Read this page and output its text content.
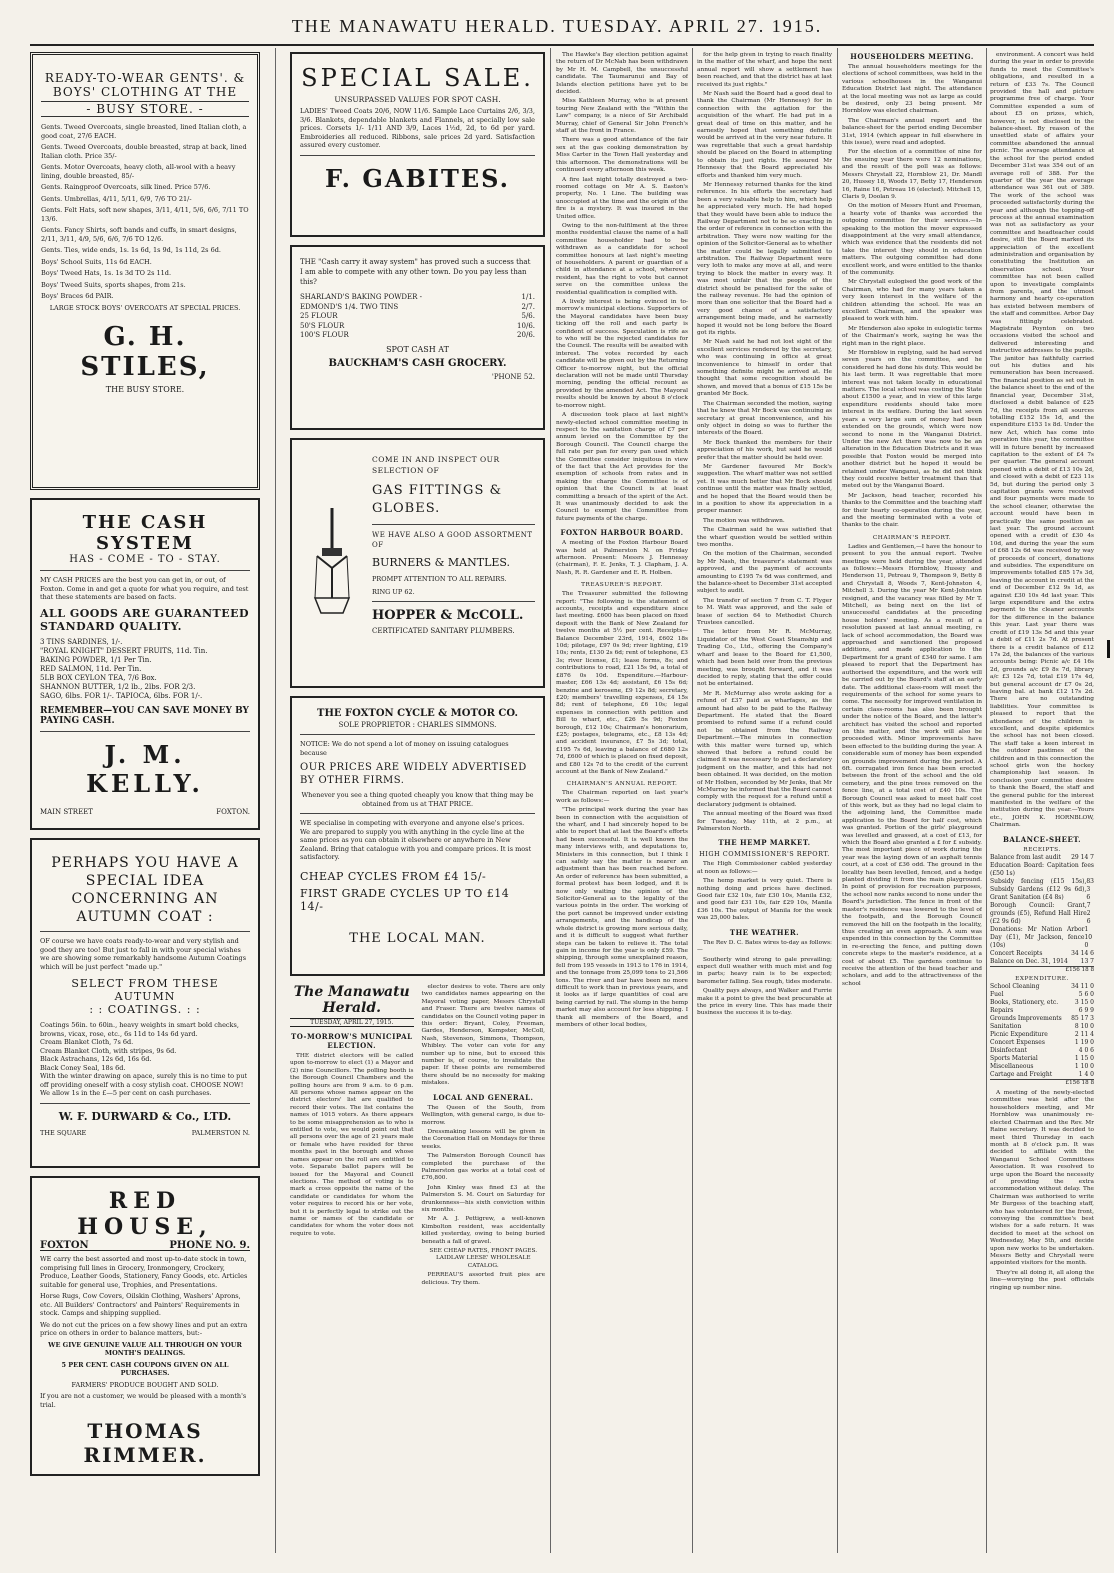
THE MANAWATU HERALD. TUESDAY. APRIL 27. 1915.
READY-TO-WEAR GENTS'. &
BOYS' CLOTHING AT THE
- BUSY STORE. -
Gents. Tweed Overcoats, single breasted, lined Italian cloth, a good coat, 27/6 EACH.
Gents. Tweed Overcoats, double breasted, strap at back, lined Italian cloth. Price 35/-
Gents. Motor Overcoats, heavy cloth, all-wool with a heavy lining, double breasted, 85/-
Gents. Raingproof Overcoats, silk lined. Price 57/6.
Gents. Umbrellas, 4/11, 5/11, 6/9, 7/6 TO 21/-
Gents. Felt Hats, soft new shapes, 3/11, 4/11, 5/6, 6/6, 7/11 TO 13/6.
Gents. Fancy Shirts, soft bands and cuffs, in smart designs, 2/11, 3/11, 4/9, 5/6, 6/6, 7/6 TO 12/6.
Gents. Ties, wide ends, 1s. 1s 6d, 1s 9d, 1s 11d, 2s 6d.
Boys' School Suits, 11s 6d EACH.
Boys' Tweed Hats, 1s. 1s 3d TO 2s 11d.
Boys' Tweed Suits, sports shapes, from 21s.
Boys' Braces 6d PAIR.
LARGE STOCK BOYS' OVERCOATS AT SPECIAL PRICES.
G. H. STILES,
THE BUSY STORE.
THE CASH SYSTEM
HAS - COME - TO - STAY.
MY CASH PRICES are the best you can get in, or out, of Foxton. Come in and get a quote for what you require, and test that these statements are based on facts.
ALL GOODS ARE GUARANTEED STANDARD QUALITY.
3 TINS SARDINES, 1/-.
"ROYAL KNIGHT" DESSERT FRUITS, 11d. Tin.
BAKING POWDER, 1/1 Per Tin.
RED SALMON, 11d. Per Tin.
5LB BOX CEYLON TEA, 7/6 Box.
SHANNON BUTTER, 1/2 lb., 2lbs. FOR 2/3.
SAGO, 6lbs. FOR 1/-. TAPIOCA, 6lbs. FOR 1/-.
REMEMBER—YOU CAN SAVE MONEY BY PAYING CASH.
J. M. KELLY.
MAIN STREET	FOXTON.
PERHAPS YOU HAVE A SPECIAL IDEA CONCERNING AN AUTUMN COAT :
OF course we have coats ready-to-wear and very stylish and good they are too! But just to fall in with your special wishes we are showing some remarkably handsome Autumn Coatings which will be just perfect "made up."
SELECT FROM THESE AUTUMN
: : COATINGS. : :
Coatings 56in. to 60in., heavy weights in smart bold checks, browns, vicax, rose, etc., 6s 11d to 14s 6d yard.
Cream Blanket Cloth, 7s 6d.
Cream Blanket Cloth, with stripes, 9s 6d.
Black Astrachans, 12s 6d, 16s 6d.
Black Coney Seal, 18s 6d.
With the winter drawing on apace, surely this is no time to put off providing oneself with a cosy stylish coat. CHOOSE NOW!
We allow 1s in the £—5 per cent on cash purchases.
W. F. DURWARD & Co., LTD.
THE SQUARE	PALMERSTON N.
RED HOUSE,
FOXTON	PHONE NO. 9.
WE carry the best assorted and most up-to-date stock in town, comprising full lines in Grocery, Ironmongery, Crockery, Produce, Leather Goods, Stationery, Fancy Goods, etc. Articles suitable for general use, Trophies, and Presentations.
Horse Rugs, Cow Covers, Oilskin Clothing, Washers' Aprons, etc. All Builders' Contractors' and Painters' Requirements in stock. Camps and shipping supplied.
We do not cut the prices on a few showy lines and put an extra price on others in order to balance matters, but:-
WE GIVE GENUINE VALUE ALL THROUGH ON YOUR MONTH'S DEALINGS.
5 PER CENT. CASH COUPONS GIVEN ON ALL PURCHASES.
FARMERS' PRODUCE BOUGHT AND SOLD.
If you are not a customer, we would be pleased with a month's trial.
THOMAS RIMMER.
SPECIAL SALE.
UNSURPASSED VALUES FOR SPOT CASH.
LADIES' Tweed Coats 20/6, NOW 11/6. Sample Lace Curtains 2/6, 3/3, 3/6. Blankets, dependable blankets and Flannels, at specially low sale prices. Corsets 1/- 1/11 AND 3/9, Laces 1½d, 2d, to 6d per yard. Embroideries all reduced. Ribbons, sale prices 2d yard. Satisfaction assured every customer.
F. GABITES.
THE "Cash carry it away system" has proved such a success that I am able to compete with any other town. Do you pay less than this?
SHARLAND'S BAKING POWDER -	1/1.
EDMOND'S 1/4. TWO TINS	2/7.
25 FLOUR	5/6.
50'S FLOUR	10/6.
100'S FLOUR	20/6.
SPOT CASH AT
BAUCKHAM'S CASH GROCERY.
'PHONE 52.
COME IN AND INSPECT OUR
SELECTION OF
GAS FITTINGS & GLOBES.
WE HAVE ALSO A GOOD ASSORTMENT OF
BURNERS & MANTLES.
PROMPT ATTENTION TO ALL REPAIRS.
RING UP 62.
HOPPER & McCOLL.
CERTIFICATED SANITARY PLUMBERS.
THE FOXTON CYCLE & MOTOR CO.
SOLE PROPRIETOR : CHARLES SIMMONS.
NOTICE: We do not spend a lot of money on issuing catalogues because
OUR PRICES ARE WIDELY ADVERTISED BY OTHER FIRMS.
Whenever you see a thing quoted cheaply you know that thing may be obtained from us at THAT PRICE.
WE specialise in competing with everyone and anyone else's prices. We are prepared to supply you with anything in the cycle line at the same prices as you can obtain it elsewhere or anywhere in New Zealand. Bring that catalogue with you and compare prices. It is most satisfactory.
CHEAP CYCLES FROM £4 15/-
FIRST GRADE CYCLES UP TO £14 14/-
THE LOCAL MAN.
The Manawatu Herald.
TUESDAY, APRIL 27, 1915.
TO-MORROW'S MUNICIPAL ELECTION.

THE district electors will be called upon to-morrow to elect (1) a Mayor and (2) nine Councillors. The polling booth is the Borough Council Chambers and the polling hours are from 9 a.m. to 6 p.m. All persons whose names appear on the district electors' list are qualified to record their votes. The list contains the names of 1015 voters. As there appears to be some misapprehension as to who is entitled to vote, we would point out that all persons over the age of 21 years male or female who have resided for three months past in the borough and whose names appear on the roll are entitled to vote. Separate ballot papers will be issued for the Mayoral and Council elections. The method of voting is to mark a cross opposite the name of the candidate or candidates for whom the voter requires to record his or her vote, but it is perfectly legal to strike out the name or names of the candidate or candidates for whom the voter does not require to vote.

elector desires to vote. There are only two candidates names appearing on the Mayoral voting paper, Messrs Chrystall and Fraser. There are twelve names of candidates on the Council voting paper in this order: Bryant, Coley, Freeman, Gardes, Henderson, Kempster, McColl, Nash, Stevenson, Simmons, Thompson, Whibley. The voter can vote for any number up to nine, but to exceed this number is, of course, to invalidate the paper. If these points are remembered there should be no necessity for making mistakes.

LOCAL AND GENERAL.

The Queen of the South, from Wellington, with general cargo, is due to-morrow.

Dressmaking lessons will be given in the Coronation Hall on Mondays for three weeks.

The Palmerston Borough Council has completed the purchase of the Palmerston gas works at a total cost of £76,800.

John Kinley was fined £3 at the Palmerston S. M. Court on Saturday for drunkenness—his sixth conviction within six months.

Mr A. J. Pettigrew, a well-known Kimbolton resident, was accidentally killed yesterday, owing to being buried beneath a fall of gravel.

SEE CHEAP RATES, FRONT PAGES. LAIDLAW LEESE' WHOLESALE CATALOG.

PERREAU'S assorted fruit pies are delicious. Try them.

The Hawke's Bay election petition against the return of Dr McNab has been withdrawn by Mr H. M. Campbell, the unsuccessful candidate. The Taumarunui and Bay of Islands election petitions have yet to be decided.

Miss Kathleen Murray, who is at present touring New Zealand with the "Within the Law" company, is a niece of Sir Archibald Murray, chief of General Sir John French's staff at the front in France.

There was a good attendance of the fair sex at the gas cooking demonstration by Miss Carter in the Town Hall yesterday and this afternoon. The demonstrations will be continued every afternoon this week.

A fire last night totally destroyed a two-roomed cottage on Mr A. S. Easton's property, No. 1 Line. The building was unoccupied at the time and the origin of the fire is a mystery. It was insured in the United office.

Owing to the non-fulfilment at the three months residential clause the name of a hall committee householder had to be withdrawn as a candidate for school committee honours at last night's meeting of householders. A parent or guardian of a child in attendance at a school, wherever resident, has the right to vote but cannot serve on the committee unless the residential qualification is complied with.

A lively interest is being evinced in to-morrow's municipal elections. Supporters of the Mayoral candidates have been busy ticking off the roll and each party is confident of success. Speculation is rife as to who will be the rejected candidates for the Council. The results will be awaited with interest. The votes recorded by each candidate will be given out by the Returning Officer to-morrow night, but the official declaration will not be made until Thursday morning, pending the official recount as provided by the amended Act. The Mayoral results should be known by about 8 o'clock to-morrow night.

A discussion took place at last night's newly-elected school committee meeting in respect to the sanitation charge of £7 per annum levied on the Committee by the Borough Council. The Council charge the full rate per pan for every pan used which the Committee consider iniquitous in view of the fact that the Act provides for the exemption of schools from rates and in making the charge the Committee is of opinion that the Council is at least committing a breach of the spirit of the Act. It was unanimously decided to ask the Council to exempt the Committee from future payments of the charge.

FOXTON HARBOUR BOARD.

A meeting of the Foxton Harbour Board was held at Palmerston N. on Friday afternoon. Present: Messrs J. Hennessy (chairman), F. E. Jenks, T. J. Clapham, J. A. Nash, R. R. Gardener and E. R. Holben.

TREASURER'S REPORT.

The Treasurer submitted the following report: "The following is the statement of accounts, receipts and expenditure since last meeting. £600 has been placed on fixed deposit with the Bank of New Zealand for twelve months at 5½ per cent. Receipts—Balance December 23rd, 1914, £602 18s 10d; pilotage, £97 0s 9d; river lighting, £19 10s; rents, £130 2s 6d; rent of telephone, £3 3s; river license, £1; lease forms, 8s; and contributions to road, £21 15s 9d, a total of £876 0s 10d. Expenditure.—Harbour-master, £66 13s 4d; assistant, £6 15s 6d; benzine and kerosene, £9 12s 8d; secretary, £20; members' travelling expenses, £4 15s 8d; rent of telephone, £6 10s; legal expenses in connection with petition and Bill to wharf, etc., £26 5s 9d; Foxton borough, £12 10s; Chairman's honorarium, £25; postages, telegrams, etc., £8 13s 4d; and accident insurance, £7 5s 3d; total, £195 7s 6d, leaving a balance of £680 12s 7d, £600 of which is placed on fixed deposit, and £80 12s 7d to the credit of the current account at the Bank of New Zealand."

CHAIRMAN'S ANNUAL REPORT.

The Chairman reported on last year's work as follows:—

"The principal work during the year has been in connection with the acquisition of the wharf, and I had sincerely hoped to be able to report that at last the Board's efforts had been successful. It is well known the many interviews with, and deputations to, Ministers in this connection, but I think I can safely say the matter is nearer an adjustment than has been reached before. An order of reference has been submitted, a formal protest has been lodged, and it is now only waiting the opinion of the Solicitor-General as to the legality of the various points in the order. The working of the port cannot be improved under existing arrangements, and the handicap of the whole district is growing more serious daily, and it is difficult to suggest what further steps can be taken to relieve it. The total gain in income for the year is only £59. The shipping, through some unexplained reason, fell from 195 vessels in 1913 to 176 in 1914, and the tonnage from 25,099 tons to 21,566 tons. The river and bar have been no more difficult to work than in previous years, and it looks as if large quantities of coal are being carried by rail. The slump in the hemp market may also account for less shipping. I thank all members of the Board, and members of other local bodies,

for the help given in trying to reach finality in the matter of the wharf, and hope the next annual report will show a settlement has been reached, and that the district has at last received its just rights."

Mr Nash said the Board had a good deal to thank the Chairman (Mr Hennessy) for in connection with the agitation for the acquisition of the wharf. He had put in a great deal of time on this matter, and he earnestly hoped that something definite would be arrived at in the very near future. It was regrettable that such a great hardship should be placed on the Board in attempting to obtain its just rights. He assured Mr Hennessy that the Board appreciated his efforts and thanked him very much.

Mr Hennessy returned thanks for the kind reference. In his efforts the secretary had been a very valuable help to him, which help he appreciated very much. He had hoped that they would have been able to induce the Railway Department not to be so exacting in the order of reference in connection with the arbitration. They were now waiting for the opinion of the Solicitor-General as to whether the matter could be legally submitted to arbitration. The Railway Department were very loth to make any move at all, and were trying to block the matter in every way. It was most unfair that the people of the district should be penalised for the sake of the railway revenue. He had the opinion of more than one solicitor that the Board had a very good chance of a satisfactory arrangement being made, and he earnestly hoped it would not be long before the Board got its rights.

Mr Nash said he had not lost sight of the excellent services rendered by the secretary, who was continuing in office at great inconvenience to himself in order that something definite might be arrived at. He thought that some recognition should be shown, and moved that a bonus of £15 15s be granted Mr Bock.

The Chairman seconded the motion, saying that he knew that Mr Bock was continuing as secretary at great inconvenience, and his only object in doing so was to further the interests of the Board.

Mr Bock thanked the members for their appreciation of his work, but said he would prefer that the matter should be held over.

Mr Gardener favoured Mr Bock's suggestion. The wharf matter was not settled yet. It was much better that Mr Bock should continue until the matter was finally settled, and he hoped that the Board would then be in a position to show its appreciation in a proper manner.

The motion was withdrawn.

The Chairman said he was satisfied that the wharf question would be settled within two months.

On the motion of the Chairman, seconded by Mr Nash, the treasurer's statement was approved, and the payment of accounts amounting to £195 7s 6d was confirmed, and the balance-sheet to December 31st accepted subject to audit.

The transfer of section 7 from C. T. Flyger to M. Watt was approved, and the sale of lease of section 64 to Methodist Church Trustees cancelled.

The letter from Mr R. McMurray, Liquidator of the West Coast Steamship and Trading Co., Ltd., offering the Company's wharf and lease to the Board for £1,500, which had been held over from the previous meeting, was brought forward, and it was decided to reply, stating that the offer could not be entertained.

Mr R. McMurray also wrote asking for a refund of £37 paid as wharfages, as the amount had also to be paid to the Railway Department. He stated that the Board promised to refund same if a refund could not be obtained from the Railway Department.—The minutes in connection with this matter were turned up, which showed that before a refund could be claimed it was necessary to get a declaratory judgment on the matter, and this had not been obtained. It was decided, on the motion of Mr Holben, seconded by Mr Jenks, that Mr McMurray be informed that the Board cannot comply with the request for a refund until a declaratory judgment is obtained.

The annual meeting of the Board was fixed for Tuesday, May 11th, at 2 p.m., at Palmerston North.

THE HEMP MARKET.
HIGH COMMISSIONER'S REPORT.

The High Commissioner cabled yesterday at noon as follows:—

The hemp market is very quiet. There is nothing doing and prices have declined. Good fair £32 10s, fair £30 10s, Manila £32, and good fair £31 10s, fair £29 10s, Manila £36 10s. The output of Manila for the week was 25,000 bales.

THE WEATHER.

The Rev D. C. Bates wires to-day as follows:—

Southerly wind strong to gale prevailing; expect dull weather with much mist and fog in parts; heavy rain is to be expected; barometer falling. Sea rough, tides moderate.

Quality pays always, and Walker and Furrie make it a point to give the best procurable at the price in every line. This has made their business the success it is to-day.

HOUSEHOLDERS MEETING.

The annual householders meetings for the elections of school committees, was held in the various schoolhouses in the Wanganui Education District last night. The attendance at the local meeting was not as large as could be desired, only 23 being present. Mr Hornblow was elected chairman.

The Chairman's annual report and the balance-sheet for the period ending December 31st, 1914 (which appear in full elsewhere in this issue), were read and adopted.

For the election of a committee of nine for the ensuing year there were 12 nominations, and the result of the poll was as follows: Messrs Chrystall 22, Hornblow 21, Dr. Mandl 20, Hussey 18, Woods 17, Betty 17, Henderson 16, Raine 16, Petreau 16 (elected). Mitchell 15, Claris 9, Doolan 9.

On the motion of Messrs Hunt and Freeman, a hearty vote of thanks was accorded the outgoing committee for their services.—In speaking to the motion the mover expressed disappointment at the very small attendance, which was evidence that the residents did not take the interest they should in education matters. The outgoing committee had done excellent work, and were entitled to the thanks of the community.

Mr Chrystall eulogised the good work of the Chairman, who had for many years taken a very keen interest in the welfare of the children attending the school. He was an excellent Chairman, and the speaker was pleased to work with him.

Mr Henderson also spoke in eulogistic terms of the Chairman's work, saying he was the right man in the right place.

Mr Hornblow in replying, said he had served seven years on the committee, and he considered he had done his duty. This would be his last term. It was regrettable that more interest was not taken locally in educational matters. The local school was costing the State about £1500 a year, and in view of this large expenditure residents should take more interest in its welfare. During the last seven years a very large sum of money had been extended on the grounds, which were now second to none in the Wanganui District. Under the new Act there was now to be an alteration in the Education Districts and it was possible that Foxton would be merged into another district but he hoped it would be retained under Wanganui, as he did not think they could receive better treatment than that meted out by the Wanganui Board.

Mr Jackson, head teacher, recorded his thanks to the Committee and the teaching staff for their hearty co-operation during the year, and the meeting terminated with a vote of thanks to the chair.

CHAIRMAN'S REPORT.

Ladies and Gentlemen,—I have the honour to present to you the annual report. Twelve meetings were held during the year, attended as follows:—Messrs Hornblow, Hussey and Henderson 11, Petreau 9, Thompson 9, Betty 8 and Chrystall 8, Woods 7, Kent-Johnston 4, Mitchell 3. During the year Mr Kent-Johnston resigned, and the vacancy was filled by Mr T. Mitchell, as being next on the list of unsuccessful candidates at the preceding house holders' meeting. As a result of a resolution passed at last annual meeting, re lack of school accommodation, the Board was approached and sanctioned the proposed additions, and made application to the Department for a grant of £340 for same. I am pleased to report that the Department has authorised the expenditure, and the work will be carried out by the Board's staff at an early date. The additional class-room will meet the requirements of the school for some years to come. The necessity for improved ventilation in certain class-rooms has also been brought under the notice of the Board, and the latter's architect has visited the school and reported on this matter, and the work will also be proceeded with. Minor improvements have been effected to the building during the year. A considerable sum of money has been expended on grounds improvement during the period. A 6ft. corrugated iron fence has been erected between the front of the school and the old cemetery, and the pine trees removed on the fence line, at a total cost of £40 10s. The Borough Council was asked to meet half cost of this work, but as they had no legal claim to the adjoining land, the Committee made application to the Board for half cost, which was granted. Portion of the girls' playground was levelled and grassed, at a cost of £13, for which the Board also granted a £ for £ subsidy. The most important piece of work during the year was the laying down of an asphalt tennis court, at a cost of £36 odd. The ground in the locality has been levelled, fenced, and a hedge planted dividing it from the main playground. In point of provision for recreation purposes, the school now ranks second to none under the Board's jurisdiction. The fence in front of the master's residence was lowered to the level of the footpath, and the Borough Council removed the hill on the footpath in the locality, thus creating an even approach. A sum was expended in this connection by the Committee in re-erecting the fence, and putting down concrete steps to the master's residence, at a cost of about £5. The gardens continue to receive the attention of the head teacher and scholars, and add to the attractiveness of the school

environment. A concert was held during the year in order to provide funds to meet the Committee's obligations, and resulted in a return of £33 7s. The Council provided the hall and picture programme free of charge. Your Committee expended a sum of about £5 on prizes, which, however, is not disclosed in the balance-sheet. By reason of the unsettled state of affairs your committee abandoned the annual picnic. The average attendance at the school for the period ended December 31st was 354 out of an average roll of 388. For the quarter of the year the average attendance was 361 out of 389. The work of the school was proceeded satisfactorily during the year and although the topping-off process at the annual examination was not as satisfactory as your committee and headteacher could desire, still the Board marked its appreciation of the excellent administration and organisation by constituting the Institution an observation school. Your committee has not been called upon to investigate complaints from parents, and the utmost harmony and hearty co-operation has existed between members of the staff and committee. Arbor Day was fittingly celebrated. Magistrate Poynton on two occasions visited the school and delivered interesting and instructive addresses to the pupils. The janitor has faithfully carried out his duties and his remuneration has been increased. The financial position as set out in the balance sheet to the end of the financial year, December 31st, disclosed a debit balance of £25 7d, the receipts from all sources totalling £152 15s 1d, and the expenditure £153 1s 8d. Under the new Act, which has come into operation this year, the committee will in future benefit by increased capitation to the extent of £4 7s per quarter. The general account opened with a debit of £13 10s 2d, and closed with a debit of £23 11s 5d, but during the period only 3 capitation grants were received and four payments were made to the school cleaner, otherwise the account would have been in practically the same position as last year. The ground account opened with a credit of £30 4s 10d, and during the year the sum of £68 12s 6d was received by way of proceeds of concert, donations and subsidies. The expenditure on improvements totalled £85 17s 3d, leaving the account in credit at the end of December £12 9s 1d, as against £30 10s 4d last year. This large expenditure and the extra payment to the cleaner accounts for the difference in the balance this year. Last year there was credit of £19 13s 5d and this year a debit of £11 2s 7d. At present there is a credit balance of £12 17s 2d, the balances of the various accounts being: Picnic a/c £4 16s 2d, grounds a/c £9 8s 7d, library a/c £3 12s 7d, total £19 17s 4d, but general account dr £7 0s 2d, leaving bal. at bank £12 17s 2d. There are no outstanding liabilities. Your committee is pleased to report that the attendance of the children is excellent, and despite epidemics the school has not been closed. The staff take a keen interest in the outdoor pastimes of the children and in this connection the school girls won the hockey championship last season. In conclusion your committee desire to thank the Board, the staff and the general public for the interest manifested in the welfare of the institution during the year.—Yours etc., JOHN K. HORNBLOW, Chairman.

BALANCE-SHEET.
RECEIPTS.
Balance from last audit 29 14 7
Education Board: Capitation fees (£50 1s)
Subsidy fencing (£15 15s), Subsidy Gardens (£12 9s 6d), Grant Sanitation (£4 8s)
83 3 6
Borough Council: Grant, grounds (£5), Refund Hall Hire (£2 9s 6d)
7 2 6
Donations: Mr Nation Arbor Day (£1), Mr Jackson, fence (10s)
1 10 0
Concert Receipts	34 14 6
Balance on Dec. 31, 1914 13 7
£156 18 8
EXPENDITURE.
School Cleaning	34 11 0
Fuel	5 6 0
Books, Stationery, etc.	3 15 0
Repairs	6 9 9
Grounds Improvements 85 17 3
Sanitation	8 10 0
Picnic Expenditure	2 11 4
Concert Expenses	1 19 0
Disinfectant	4 0 6
Sports Material	1 15 0
Miscellaneous	1 10 0
Cartage and Freight	1 4 0
£156 18 8

A meeting of the newly-elected committee was held after the householders meeting, and Mr Hornblow was unanimously re-elected Chairman and the Rev. Mr Raine secretary. It was decided to meet third Thursday in each month at 8 o'clock p.m. It was decided to affiliate with the Wanganui School Committees Association. It was resolved to urge upon the Board the necessity of providing the extra accommodation without delay. The Chairman was authorised to write Mr Burgess of the teaching staff, who has volunteered for the front, conveying the committee's best wishes for a safe return. It was decided to meet at the school on Wednesday, May 5th, and decide upon new works to be undertaken. Messrs Betty and Chrystall were appointed visitors for the month.

They're all doing it, all along the line—worrying the post officials ringing up number nine.
